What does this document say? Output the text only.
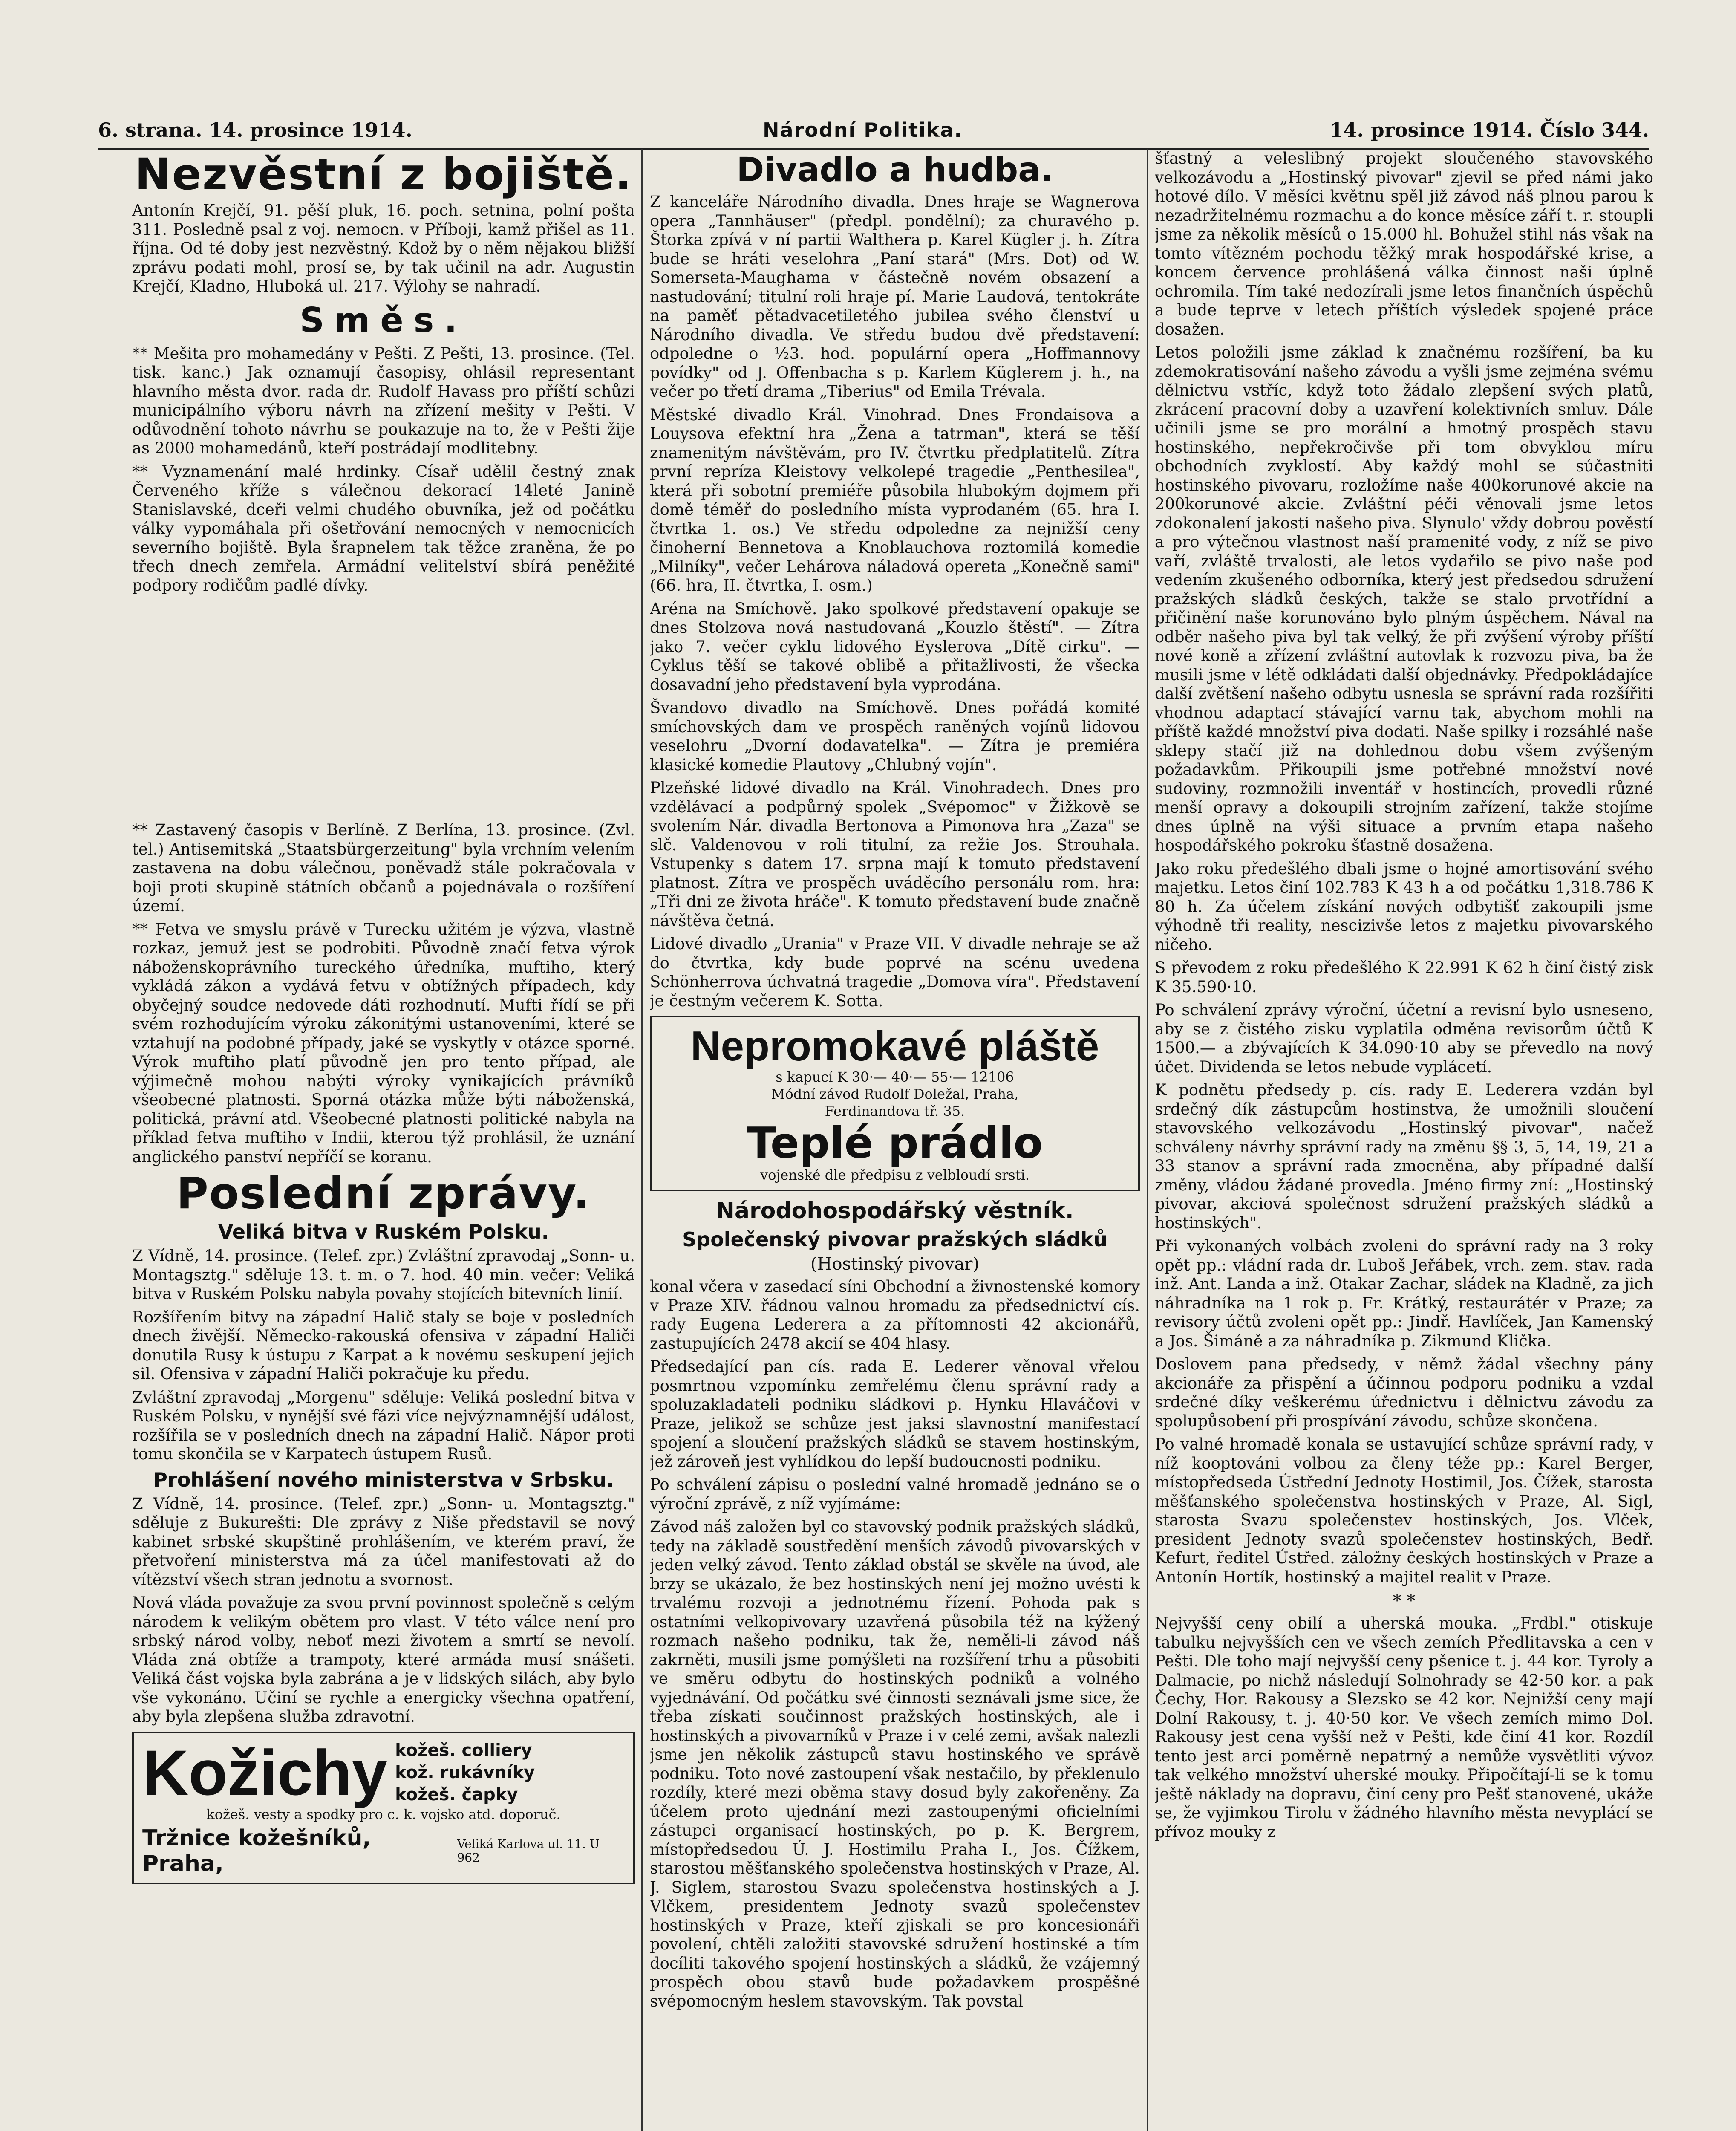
6. strana. 14. prosince 1914.	Národní Politika.	14. prosince 1914. Číslo 344.
Nezvěstní z bojiště.

Antonín Krejčí, 91. pěší pluk, 16. poch. setnina, polní pošta 311. Posledně psal z voj. nemocn. v Příboji, kamž přišel as 11. října. Od té doby jest nezvěstný. Kdož by o něm nějakou bližší zprávu podati mohl, prosí se, by tak učinil na adr. Augustin Krejčí, Kladno, Hluboká ul. 217. Výlohy se nahradí.

Směs.

** Mešita pro mohamedány v Pešti. Z Pešti, 13. prosince. (Tel. tisk. kanc.) Jak oznamují časopisy, ohlásil representant hlavního města dvor. rada dr. Rudolf Havass pro příští schůzi municipálního výboru návrh na zřízení mešity v Pešti. V odůvodnění tohoto návrhu se poukazuje na to, že v Pešti žije as 2000 mohamedánů, kteří postrádají modlitebny.

** Vyznamenání malé hrdinky. Císař udělil čestný znak Červeného kříže s válečnou dekorací 14leté Janině Stanislavské, dceři velmi chudého obuvníka, jež od počátku války vypomáhala při ošetřování nemocných v nemocnicích severního bojiště. Byla šrapnelem tak těžce zraněna, že po třech dnech zemřela. Armádní velitelství sbírá peněžité podpory rodičům padlé dívky.

** Zastavený časopis v Berlíně. Z Berlína, 13. prosince. (Zvl. tel.) Antisemitská „Staatsbürgerzeitung" byla vrchním velením zastavena na dobu válečnou, poněvadž stále pokračovala v boji proti skupině státních občanů a pojednávala o rozšíření území.

** Fetva ve smyslu právě v Turecku užitém je výzva, vlastně rozkaz, jemuž jest se podrobiti. Původně značí fetva výrok náboženskoprávního tureckého úředníka, muftiho, který vykládá zákon a vydává fetvu v obtížných případech, kdy obyčejný soudce nedovede dáti rozhodnutí. Mufti řídí se při svém rozhodujícím výroku zákonitými ustanoveními, které se vztahují na podobné případy, jaké se vyskytly v otázce sporné. Výrok muftiho platí původně jen pro tento případ, ale výjimečně mohou nabýti výroky vynikajících právníků všeobecné platnosti. Sporná otázka může býti náboženská, politická, právní atd. Všeobecné platnosti politické nabyla na příklad fetva muftiho v Indii, kterou týž prohlásil, že uznání anglického panství nepříčí se koranu.

Poslední zprávy.
Veliká bitva v Ruském Polsku.

Z Vídně, 14. prosince. (Telef. zpr.) Zvláštní zpravodaj „Sonn- u. Montagsztg." sděluje 13. t. m. o 7. hod. 40 min. večer: Veliká bitva v Ruském Polsku nabyla povahy stojících bitevních linií.

Rozšířením bitvy na západní Halič staly se boje v posledních dnech živější. Německo-rakouská ofensiva v západní Haliči donutila Rusy k ústupu z Karpat a k novému seskupení jejich sil. Ofensiva v západní Haliči pokračuje ku předu.

Zvláštní zpravodaj „Morgenu" sděluje: Veliká poslední bitva v Ruském Polsku, v nynější své fázi více nejvýznamnější událost, rozšířila se v posledních dnech na západní Halič. Nápor proti tomu skončila se v Karpatech ústupem Rusů.

Prohlášení nového ministerstva v Srbsku.

Z Vídně, 14. prosince. (Telef. zpr.) „Sonn- u. Montagsztg." sděluje z Bukurešti: Dle zprávy z Niše představil se nový kabinet srbské skupštině prohlášením, ve kterém praví, že přetvoření ministerstva má za účel manifestovati až do vítězství všech stran jednotu a svornost.

Nová vláda považuje za svou první povinnost společně s celým národem k velikým obětem pro vlast. V této válce není pro srbský národ volby, neboť mezi životem a smrtí se nevolí. Vláda zná obtíže a trampoty, které armáda musí snášeti. Veliká část vojska byla zabrána a je v lidských silách, aby bylo vše vykonáno. Učiní se rychle a energicky všechna opatření, aby byla zlepšena služba zdravotní.

Kožichy kožeš. colliery
kož. rukávníky
kožeš. čapky
kožeš. vesty a spodky pro c. k. vojsko atd. doporuč.
Tržnice kožešníků, Praha,
Veliká Karlova ul. 11. U 962
Divadlo a hudba.

Z kanceláře Národního divadla. Dnes hraje se Wagnerova opera „Tannhäuser" (předpl. pondělní); za churavého p. Štorka zpívá v ní partii Walthera p. Karel Kügler j. h. Zítra bude se hráti veselohra „Paní stará" (Mrs. Dot) od W. Somerseta-Maughama v částečně novém obsazení a nastudování; titulní roli hraje pí. Marie Laudová, tentokráte na paměť pětadvacetiletého jubilea svého členství u Národního divadla. Ve středu budou dvě představení: odpoledne o ½3. hod. populární opera „Hoffmannovy povídky" od J. Offenbacha s p. Karlem Küglerem j. h., na večer po třetí drama „Tiberius" od Emila Trévala.

Městské divadlo Král. Vinohrad. Dnes Frondaisova a Louysova efektní hra „Žena a tatrman", která se těší znamenitým návštěvám, pro IV. čtvrtku předplatitelů. Zítra první repríza Kleistovy velkolepé tragedie „Penthesilea", která při sobotní premiéře působila hlubokým dojmem při domě téměř do posledního místa vyprodaném (65. hra I. čtvrtka 1. os.) Ve středu odpoledne za nejnižší ceny činoherní Bennetova a Knoblauchova roztomilá komedie „Milníky", večer Lehárova náladová opereta „Konečně sami" (66. hra, II. čtvrtka, I. osm.)

Aréna na Smíchově. Jako spolkové představení opakuje se dnes Stolzova nová nastudovaná „Kouzlo štěstí". — Zítra jako 7. večer cyklu lidového Eyslerova „Dítě cirku". — Cyklus těší se takové oblibě a přitažlivosti, že všecka dosavadní jeho představení byla vyprodána.

Švandovo divadlo na Smíchově. Dnes pořádá komité smíchovských dam ve prospěch raněných vojínů lidovou veselohru „Dvorní dodavatelka". — Zítra je premiéra klasické komedie Plautovy „Chlubný vojín".

Plzeňské lidové divadlo na Král. Vinohradech. Dnes pro vzdělávací a podpůrný spolek „Svépomoc" v Žižkově se svolením Nár. divadla Bertonova a Pimonova hra „Zaza" se slč. Valdenovou v roli titulní, za režie Jos. Strouhala. Vstupenky s datem 17. srpna mají k tomuto představení platnost. Zítra ve prospěch uváděcího personálu rom. hra: „Tři dni ze života hráče". K tomuto představení bude značně návštěva četná.

Lidové divadlo „Urania" v Praze VII. V divadle nehraje se až do čtvrtka, kdy bude poprvé na scénu uvedena Schönherrova úchvatná tragedie „Domova víra". Představení je čestným večerem K. Sotta.

Nepromokavé pláště
s kapucí K 30·— 40·— 55·— 12106
Módní závod Rudolf Doležal, Praha,
Ferdinandova tř. 35.
Teplé prádlo
vojenské dle předpisu z velbloudí srsti.
Národohospodářský věstník.
Společenský pivovar pražských sládků
(Hostinský pivovar)

konal včera v zasedací síni Obchodní a živnostenské komory v Praze XIV. řádnou valnou hromadu za předsednictví cís. rady Eugena Lederera a za přítomnosti 42 akcionářů, zastupujících 2478 akcií se 404 hlasy.

Předsedající pan cís. rada E. Lederer věnoval vřelou posmrtnou vzpomínku zemřelému členu správní rady a spoluzakladateli podniku sládkovi p. Hynku Hlaváčovi v Praze, jelikož se schůze jest jaksi slavnostní manifestací spojení a sloučení pražských sládků se stavem hostinským, jež zároveň jest vyhlídkou do lepší budoucnosti podniku.

Po schválení zápisu o poslední valné hromadě jednáno se o výroční zprávě, z níž vyjímáme:

Závod náš založen byl co stavovský podnik pražských sládků, tedy na základě soustředění menších závodů pivovarských v jeden velký závod. Tento základ obstál se skvěle na úvod, ale brzy se ukázalo, že bez hostinských není jej možno uvésti k trvalému rozvoji a jednotnému řízení. Pohoda pak s ostatními velkopivovary uzavřená působila též na kýžený rozmach našeho podniku, tak že, neměli-li závod náš zakrněti, musili jsme pomýšleti na rozšíření trhu a působiti ve směru odbytu do hostinských podniků a volného vyjednávání. Od počátku své činnosti seznávali jsme sice, že třeba získati součinnost pražských hostinských, ale i hostinských a pivovarníků v Praze i v celé zemi, avšak nalezli jsme jen několik zástupců stavu hostinského ve správě podniku. Toto nové zastoupení však nestačilo, by překlenulo rozdíly, které mezi oběma stavy dosud byly zakořeněny. Za účelem proto ujednání mezi zastoupenými oficielními zástupci organisací hostinských, po p. K. Bergrem, místopředsedou Ú. J. Hostimilu Praha I., Jos. Čížkem, starostou měšťanského společenstva hostinských v Praze, Al. J. Siglem, starostou Svazu společenstva hostinských a J. Vlčkem, presidentem Jednoty svazů společenstev hostinských v Praze, kteří zjiskali se pro koncesionáři povolení, chtěli založiti stavovské sdružení hostinské a tím docíliti takového spojení hostinských a sládků, že vzájemný prospěch obou stavů bude požadavkem prospěšné svépomocným heslem stavovským. Tak povstal

šťastný a veleslibný projekt sloučeného stavovského velkozávodu a „Hostinský pivovar" zjevil se před námi jako hotové dílo. V měsíci květnu spěl již závod náš plnou parou k nezadržitelnému rozmachu a do konce měsíce září t. r. stoupli jsme za několik měsíců o 15.000 hl. Bohužel stihl nás však na tomto vítězném pochodu těžký mrak hospodářské krise, a koncem července prohlášená válka činnost naši úplně ochromila. Tím také nedozírali jsme letos finančních úspěchů a bude teprve v letech příštích výsledek spojené práce dosažen.

Letos položili jsme základ k značnému rozšíření, ba ku zdemokratisování našeho závodu a vyšli jsme zejména svému dělnictvu vstříc, když toto žádalo zlepšení svých platů, zkrácení pracovní doby a uzavření kolektivních smluv. Dále učinili jsme se pro morální a hmotný prospěch stavu hostinského, nepřekročivše při tom obvyklou míru obchodních zvyklostí. Aby každý mohl se súčastniti hostinského pivovaru, rozložíme naše 400korunové akcie na 200korunové akcie. Zvláštní péči věnovali jsme letos zdokonalení jakosti našeho piva. Slynulo' vždy dobrou pověstí a pro výtečnou vlastnost naší pramenité vody, z níž se pivo vaří, zvláště trvalosti, ale letos vydařilo se pivo naše pod vedením zkušeného odborníka, který jest předsedou sdružení pražských sládků českých, takže se stalo prvotřídní a přičinění naše korunováno bylo plným úspěchem. Nával na odběr našeho piva byl tak velký, že při zvýšení výroby příští nové koně a zřízení zvláštní autovlak k rozvozu piva, ba že musili jsme v létě odkládati další objednávky. Předpokládajíce další zvětšení našeho odbytu usnesla se správní rada rozšířiti vhodnou adaptací stávající varnu tak, abychom mohli na příště každé množství piva dodati. Naše spilky i rozsáhlé naše sklepy stačí již na dohlednou dobu všem zvýšeným požadavkům. Přikoupili jsme potřebné množství nové sudoviny, rozmnožili inventář v hostincích, provedli různé menší opravy a dokoupili strojním zařízení, takže stojíme dnes úplně na výši situace a prvním etapa našeho hospodářského pokroku šťastně dosažena.

Jako roku předešlého dbali jsme o hojné amortisování svého majetku. Letos činí 102.783 K 43 h a od počátku 1,318.786 K 80 h. Za účelem získání nových odbytišť zakoupili jsme výhodně tři reality, nescizivše letos z majetku pivovarského ničeho.

S převodem z roku předešlého K 22.991 K 62 h činí čistý zisk K 35.590·10.

Po schválení zprávy výroční, účetní a revisní bylo usneseno, aby se z čistého zisku vyplatila odměna revisorům účtů K 1500.— a zbývajících K 34.090·10 aby se převedlo na nový účet. Dividenda se letos nebude vyplácetí.

K podnětu předsedy p. cís. rady E. Lederera vzdán byl srdečný dík zástupcům hostinstva, že umožnili sloučení stavovského velkozávodu „Hostinský pivovar", načež schváleny návrhy správní rady na změnu §§ 3, 5, 14, 19, 21 a 33 stanov a správní rada zmocněna, aby případné další změny, vládou žádané provedla. Jméno firmy zní: „Hostinský pivovar, akciová společnost sdružení pražských sládků a hostinských".

Při vykonaných volbách zvoleni do správní rady na 3 roky opět pp.: vládní rada dr. Luboš Jeřábek, vrch. zem. stav. rada inž. Ant. Landa a inž. Otakar Zachar, sládek na Kladně, za jich náhradníka na 1 rok p. Fr. Krátký, restaurátér v Praze; za revisory účtů zvoleni opět pp.: Jindř. Havlíček, Jan Kamenský a Jos. Šimáně a za náhradníka p. Zikmund Klička.

Doslovem pana předsedy, v němž žádal všechny pány akcionáře za přispění a účinnou podporu podniku a vzdal srdečné díky veškerému úřednictvu i dělnictvu závodu za spolupůsobení při prospívání závodu, schůze skončena.

Po valné hromadě konala se ustavující schůze správní rady, v níž kooptováni volbou za členy téže pp.: Karel Berger, místopředseda Ústřední Jednoty Hostimil, Jos. Čížek, starosta měšťanského společenstva hostinských v Praze, Al. Sigl, starosta Svazu společenstev hostinských, Jos. Vlček, president Jednoty svazů společenstev hostinských, Bedř. Kefurt, ředitel Ústřed. záložny českých hostinských v Praze a Antonín Hortík, hostinský a majitel realit v Praze.

* *

Nejvyšší ceny obilí a uherská mouka. „Frdbl." otiskuje tabulku nejvyšších cen ve všech zemích Předlitavska a cen v Pešti. Dle toho mají nejvyšší ceny pšenice t. j. 44 kor. Tyroly a Dalmacie, po nichž následují Solnohrady se 42·50 kor. a pak Čechy, Hor. Rakousy a Slezsko se 42 kor. Nejnižší ceny mají Dolní Rakousy, t. j. 40·50 kor. Ve všech zemích mimo Dol. Rakousy jest cena vyšší než v Pešti, kde činí 41 kor. Rozdíl tento jest arci poměrně nepatrný a nemůže vysvětliti vývoz tak velkého množství uherské mouky. Připočítají-li se k tomu ještě náklady na dopravu, činí ceny pro Pešť stanovené, ukáže se, že vyjimkou Tirolu v žádného hlavního města nevyplácí se přívoz mouky z
